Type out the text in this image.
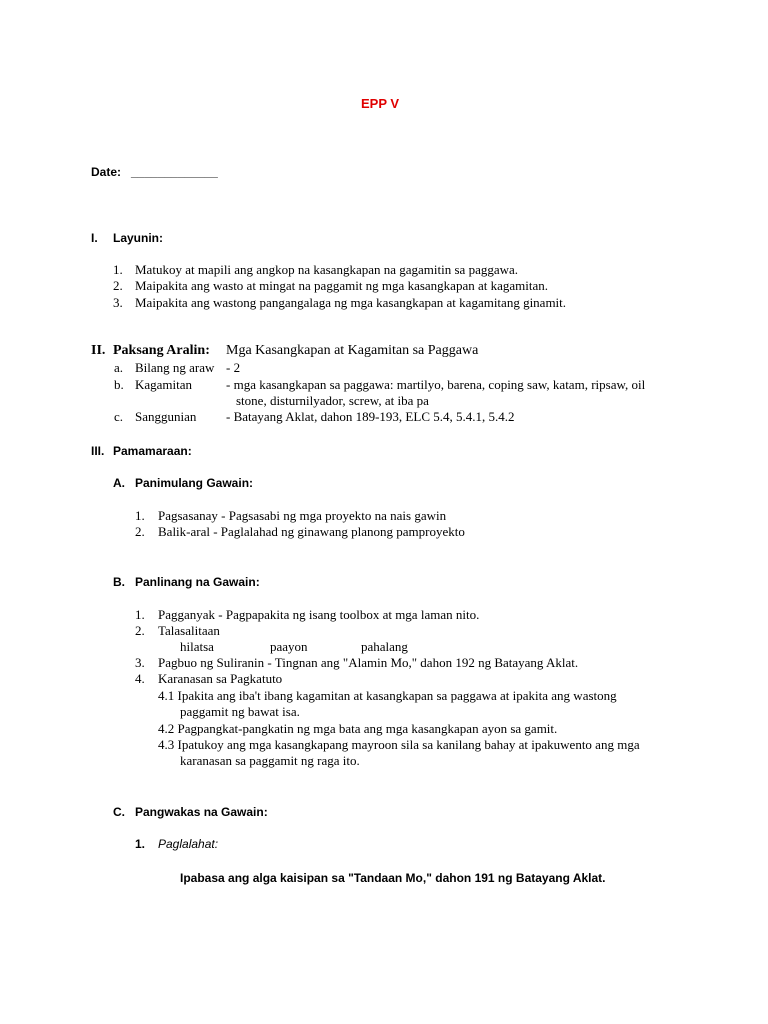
EPP V
Date: _____________
I. Layunin:
1. Matukoy at mapili ang angkop na kasangkapan na gagamitin sa paggawa.
2. Maipakita ang wasto at mingat na paggamit ng mga kasangkapan at kagamitan.
3. Maipakita ang wastong pangangalaga ng mga kasangkapan at kagamitang ginamit.
II. Paksang Aralin: Mga Kasangkapan at Kagamitan sa Paggawa
a. Bilang ng araw - 2
b. Kagamitan	- mga kasangkapan sa paggawa: martilyo, barena, coping saw, katam, ripsaw, oil
stone, disturnilyador, screw, at iba pa
c. Sanggunian - Batayang Aklat, dahon 189-193, ELC 5.4, 5.4.1, 5.4.2
III. Pamamaraan:
A. Panimulang Gawain:
1. Pagsasanay - Pagsasabi ng mga proyekto na nais gawin
2. Balik-aral - Paglalahad ng ginawang planong pamproyekto
B. Panlinang na Gawain:
1. Pagganyak - Pagpapakita ng isang toolbox at mga laman nito.
2. Talasalitaan
hilatsa	paayon	pahalang
3. Pagbuo ng Suliranin - Tingnan ang "Alamin Mo," dahon 192 ng Batayang Aklat.
4. Karanasan sa Pagkatuto
4.1 Ipakita ang iba't ibang kagamitan at kasangkapan sa paggawa at ipakita ang wastong
paggamit ng bawat isa.
4.2 Pagpangkat-pangkatin ng mga bata ang mga kasangkapan ayon sa gamit.
4.3 Ipatukoy ang mga kasangkapang mayroon sila sa kanilang bahay at ipakuwento ang mga
karanasan sa paggamit ng raga ito.
C. Pangwakas na Gawain:
1. Paglalahat:
Ipabasa ang alga kaisipan sa "Tandaan Mo," dahon 191 ng Batayang Aklat.
